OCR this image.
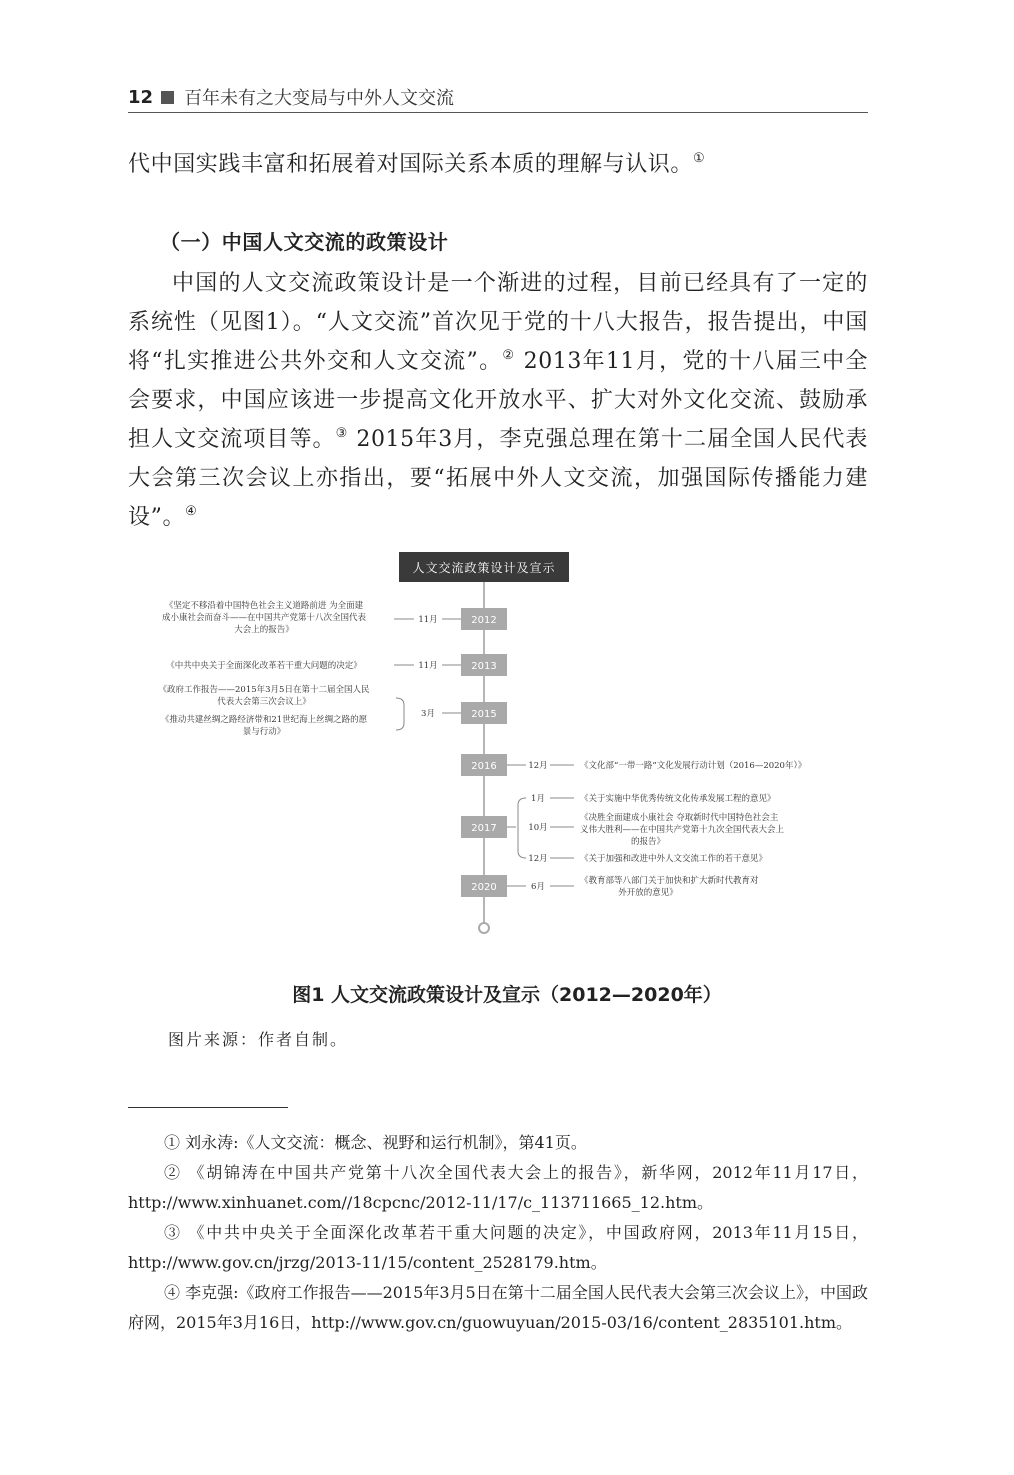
12 百年未有之大变局与中外人文交流
代中国实践丰富和拓展着对国际关系本质的理解与认识。①
（一）中国人文交流的政策设计
中国的人文交流政策设计是一个渐进的过程，目前已经具有了一定的系统性（见图1）。“人文交流”首次见于党的十八大报告，报告提出，中国将“扎实推进公共外交和人文交流”。② 2013年11月，党的十八届三中全会要求，中国应该进一步提高文化开放水平、扩大对外文化交流、鼓励承担人文交流项目等。③ 2015年3月，李克强总理在第十二届全国人民代表大会第三次会议上亦指出，要“拓展中外人文交流，加强国际传播能力建设”。④
人文交流政策设计及宣示
2012
2013
2015
2016
2017
2020
《坚定不移沿着中国特色社会主义道路前进 为全面建
成小康社会而奋斗——在中国共产党第十八次全国代表
大会上的报告》
11月
《中共中央关于全面深化改革若干重大问题的决定》	11月
《政府工作报告——2015年3月5日在第十二届全国人民
代表大会第三次会议上》
《推动共建丝绸之路经济带和21世纪海上丝绸之路的愿
景与行动》
3月
12月	《文化部“一带一路”文化发展行动计划（2016—2020年）》
1月	《关于实施中华优秀传统文化传承发展工程的意见》
10月
《决胜全面建成小康社会 夺取新时代中国特色社会主
义伟大胜利——在中国共产党第十九次全国代表大会上
的报告》
12月	《关于加强和改进中外人文交流工作的若干意见》
6月
《教育部等八部门关于加快和扩大新时代教育对
外开放的意见》
图1 人文交流政策设计及宣示（2012—2020年）
图片来源：作者自制。

① 刘永涛:《人文交流：概念、视野和运行机制》，第41页。

② 《胡锦涛在中国共产党第十八次全国代表大会上的报告》，新华网，2012年11月17日，http://www.xinhuanet.com//18cpcnc/2012-11/17/c_113711665_12.htm。

③ 《中共中央关于全面深化改革若干重大问题的决定》，中国政府网，2013年11月15日，http://www.gov.cn/jrzg/2013-11/15/content_2528179.htm。

④ 李克强:《政府工作报告——2015年3月5日在第十二届全国人民代表大会第三次会议上》，中国政府网，2015年3月16日，http://www.gov.cn/guowuyuan/2015-03/16/content_2835101.htm。
